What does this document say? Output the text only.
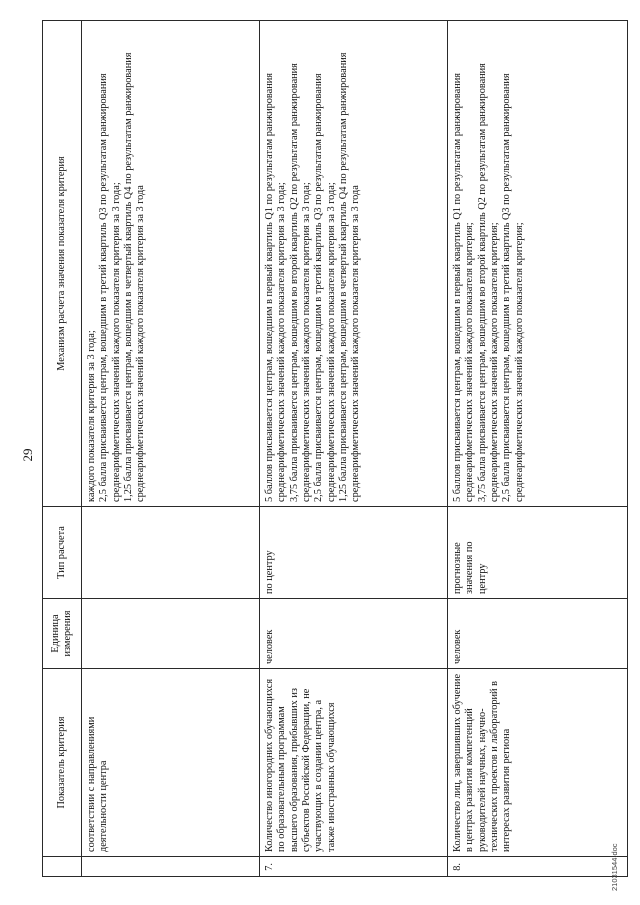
29
	Показатель критерия	Единица измерения	Тип расчета	Механизм расчета значения показателя критерия
	соответствии с направлениями деятельности центра			каждого показателя критерия за 3 года; 2,5 балла присваивается центрам, вошедшим в третий квартиль Q3 по результатам ранжирования среднеарифметических значений каждого показателя критерия за 3 года; 1,25 балла присваивается центрам, вошедшим в четвертый квартиль Q4 по результатам ранжирования среднеарифметических значений каждого показателя критерия за 3 года

7.	Количество иногородних обучающихся по образовательным программам высшего образования, прибывших из субъектов Российской Федерации, не участвующих в создании центра, а также иностранных обучающихся	человек	по центру	5 баллов присваивается центрам, вошедшим в первый квартиль Q1 по результатам ранжирования среднеарифметических значений каждого показателя критерия за 3 года; 3,75 балла присваивается центрам, вошедшим во второй квартиль Q2 по результатам ранжирования среднеарифметических значений каждого показателя критерия за 3 года; 2,5 балла присваивается центрам, вошедшим в третий квартиль Q3 по результатам ранжирования среднеарифметических значений каждого показателя критерия за 3 года; 1,25 балла присваивается центрам, вошедшим в четвертый квартиль Q4 по результатам ранжирования среднеарифметических значений каждого показателя критерия за 3 года

8.	Количество лиц, завершивших обучение в центрах развития компетенций руководителей научных, научно-технических проектов и лабораторий в интересах развития региона	человек	прогнозные значения по центру	5 баллов присваивается центрам, вошедшим в первый квартиль Q1 по результатам ранжирования среднеарифметических значений каждого показателя критерия; 3,75 балла присваивается центрам, вошедшим во второй квартиль Q2 по результатам ранжирования среднеарифметических значений каждого показателя критерия; 2,5 балла присваивается центрам, вошедшим в третий квартиль Q3 по результатам ранжирования среднеарифметических значений каждого показателя критерия;

21031544.doc
